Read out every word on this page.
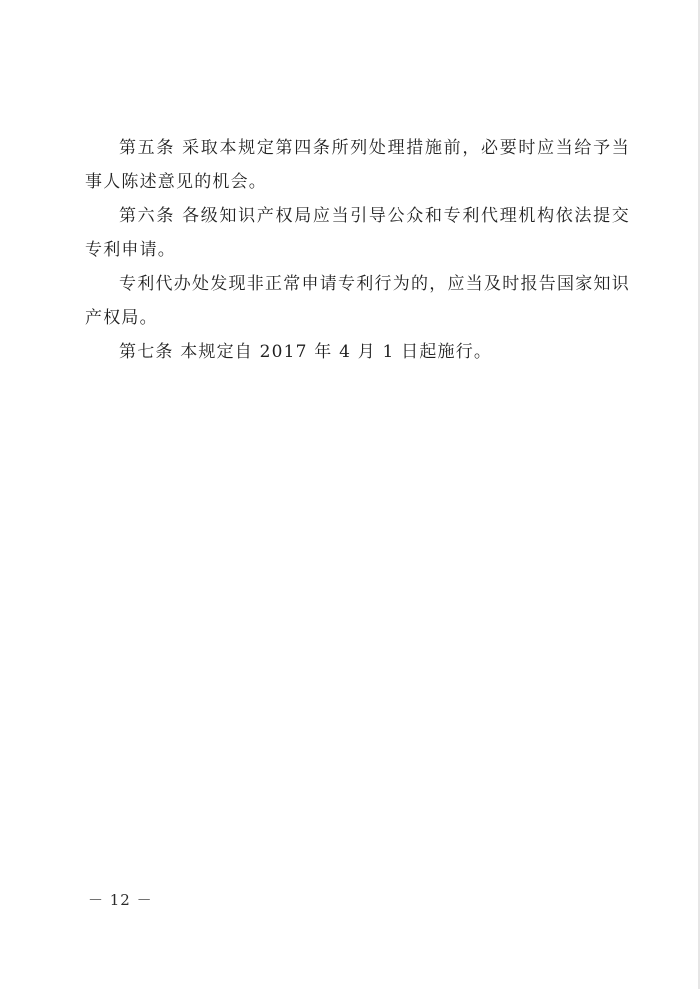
第五条 采取本规定第四条所列处理措施前，必要时应当给予当事人陈述意见的机会。

第六条 各级知识产权局应当引导公众和专利代理机构依法提交专利申请。

专利代办处发现非正常申请专利行为的，应当及时报告国家知识产权局。

第七条 本规定自 2017 年 4 月 1 日起施行。

－ 12 －
